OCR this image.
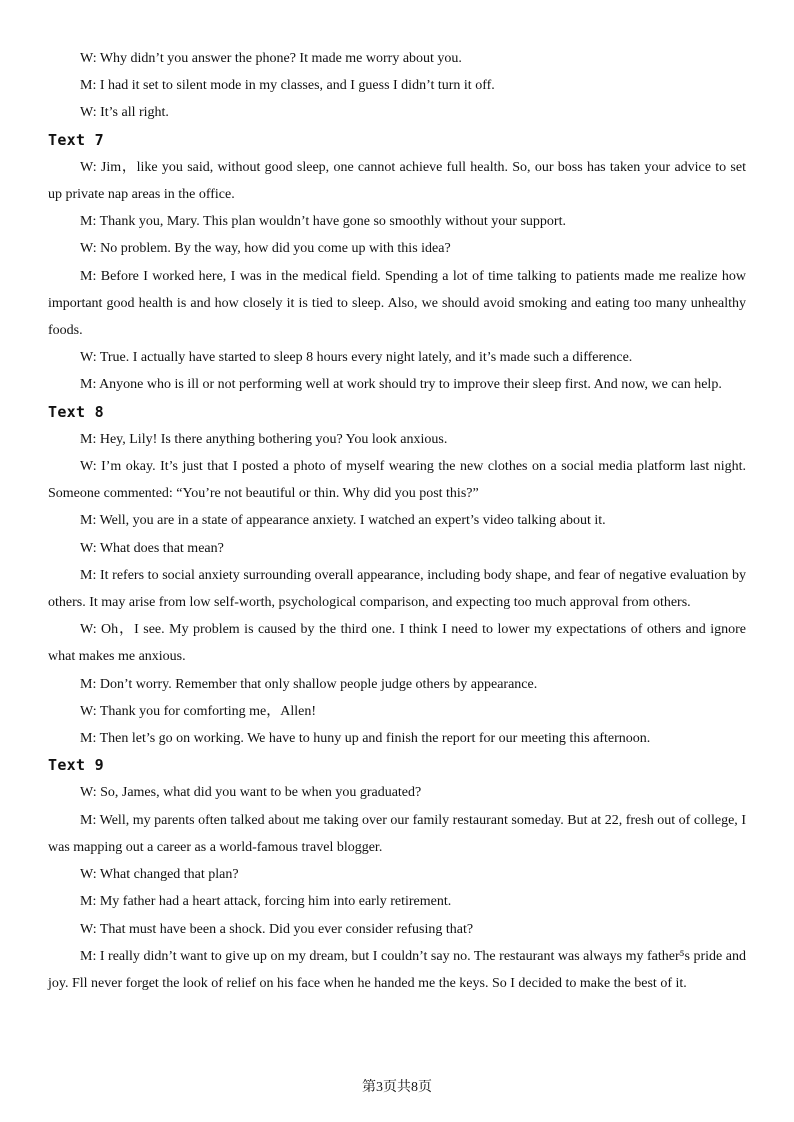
W: Why didn’t you answer the phone? It made me worry about you.

M: I had it set to silent mode in my classes, and I guess I didn’t turn it off.

W: It’s all right.

Text 7

W: Jim，like you said, without good sleep, one cannot achieve full health. So, our boss has taken your advice to set up private nap areas in the office.

M: Thank you, Mary. This plan wouldn’t have gone so smoothly without your support.

W: No problem. By the way, how did you come up with this idea?

M: Before I worked here, I was in the medical field. Spending a lot of time talking to patients made me realize how important good health is and how closely it is tied to sleep. Also, we should avoid smoking and eating too many unhealthy foods.

W: True. I actually have started to sleep 8 hours every night lately, and it’s made such a difference.

M: Anyone who is ill or not performing well at work should try to improve their sleep first. And now, we can help.

Text 8

M: Hey, Lily! Is there anything bothering you? You look anxious.

W: I’m okay. It’s just that I posted a photo of myself wearing the new clothes on a social media platform last night. Someone commented: “You’re not beautiful or thin. Why did you post this?”

M: Well, you are in a state of appearance anxiety. I watched an expert’s video talking about it.

W: What does that mean?

M: It refers to social anxiety surrounding overall appearance, including body shape, and fear of negative evaluation by others. It may arise from low self-worth, psychological comparison, and expecting too much approval from others.

W: Oh，I see. My problem is caused by the third one. I think I need to lower my expectations of others and ignore what makes me anxious.

M: Don’t worry. Remember that only shallow people judge others by appearance.

W: Thank you for comforting me，Allen!

M: Then let’s go on working. We have to huny up and finish the report for our meeting this afternoon.

Text 9

W: So, James, what did you want to be when you graduated?

M: Well, my parents often talked about me taking over our family restaurant someday. But at 22, fresh out of college, I was mapping out a career as a world-famous travel blogger.

W: What changed that plan?

M: My father had a heart attack, forcing him into early retirement.

W: That must have been a shock. Did you ever consider refusing that?

M: I really didn’t want to give up on my dream, but I couldn’t say no. The restaurant was always my father⁵s pride and joy. Fll never forget the look of relief on his face when he handed me the keys. So I decided to make the best of it.

第3页共8页
